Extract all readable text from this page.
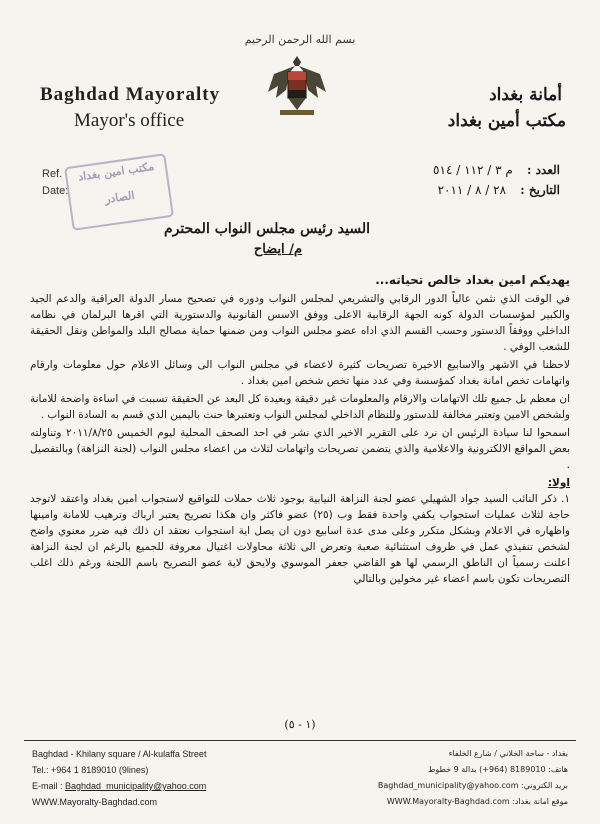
بسم الله الرحمن الرحيم
Baghdad Mayoralty
Mayor's office
أمانة بغداد
مكتب أمين بغداد
Ref.
Date:
مكتب امين بغداد
الصادر
العدد : م ٣ / ١١٢ / ٥١٤
التاريخ : ٢٨ / ٨ / ٢٠١١
السيد رئيس مجلس النواب المحترم
م/ ايضاح

يهديكم امين بغداد خالص تحياته...

في الوقت الذي نثمن عالياً الدور الرقابي والتشريعي لمجلس النواب ودوره في تصحيح مسار الدولة العراقية والدعم الجيد والكبير لمؤسسات الدولة كونه الجهة الرقابية الاعلى ووفق الاسس القانونية والدستورية التي اقرها البرلمان في نظامه الداخلي ووفقاً الدستور وحسب القسم الذي اداه عضو مجلس النواب ومن ضمنها حماية مصالح البلد والمواطن ونقل الحقيقة للشعب الوفي .

لاحظنا في الاشهر والاسابيع الاخيرة تصريحات كثيرة لاعضاء في مجلس النواب الى وسائل الاعلام حول معلومات وارقام واتهامات تخص امانة بغداد كمؤسسة وفي عدد منها تخص شخص امين بغداد .

ان معظم بل جميع تلك الاتهامات والارقام والمعلومات غير دقيقة وبعيدة كل البعد عن الحقيقة تسببت في اساءة واضحة للامانة ولشخص الامين وتعتبر مخالفة للدستور وللنظام الداخلي لمجلس النواب وتعتبرها حنث باليمين الذي قسم به السادة النواب .

اسمحوا لنا سيادة الرئيس ان نرد على التقرير الاخير الذي نشر في احد الصحف المحلية ليوم الخميس ٢٠١١/٨/٢٥ وتناولته بعض المواقع الالكترونية والاعلامية والذي يتضمن تصريحات واتهامات لثلاث من اعضاء مجلس النواب (لجنة النزاهة) وبالتفصيل .

اولا:

١. ذكر النائب السيد جواد الشهيلي عضو لجنة النزاهة النيابية بوجود ثلاث حملات للتواقيع لاستجواب امين بغداد واعتقد لاتوجد حاجة لثلاث عمليات استجواب يكفي واحدة فقط وب (٢٥) عضو فاكثر وان هكذا تصريح يعتبر ارباك وترهيب للامانة وامينها واظهاره في الاعلام وبشكل متكرر وعلى مدى عدة اسابيع دون ان يصل اية استجواب نعتقد ان ذلك فيه ضرر معنوي واضح لشخص تنفيذي عمل في ظروف استثنائية صعبة وتعرض الى ثلاثة محاولات اغتيال معروفة للجميع بالرغم ان لجنة النزاهة اعلنت رسمياً ان الناطق الرسمي لها هو القاضي جعفر الموسوي ولايحق لاية عضو التصريح باسم اللجنة ورغم ذلك اغلب التصريحات تكون باسم اعضاء غير مخولين وبالتالي

(١ - ٥)
Baghdad - Khilany square / Al-kulaffa Street
Tel.: +964 1 8189010 (9lines)
E-mail : Baghdad_municipality@yahoo.com
WWW.Mayoralty-Baghdad.com
بغداد - ساحة الخلاني / شارع الخلفاء
هاتف: 8189010 (964+) بدالة 9 خطوط
بريد الكتروني: Baghdad_municipality@yahoo.com
موقع امانة بغداد: WWW.Mayoralty-Baghdad.com
